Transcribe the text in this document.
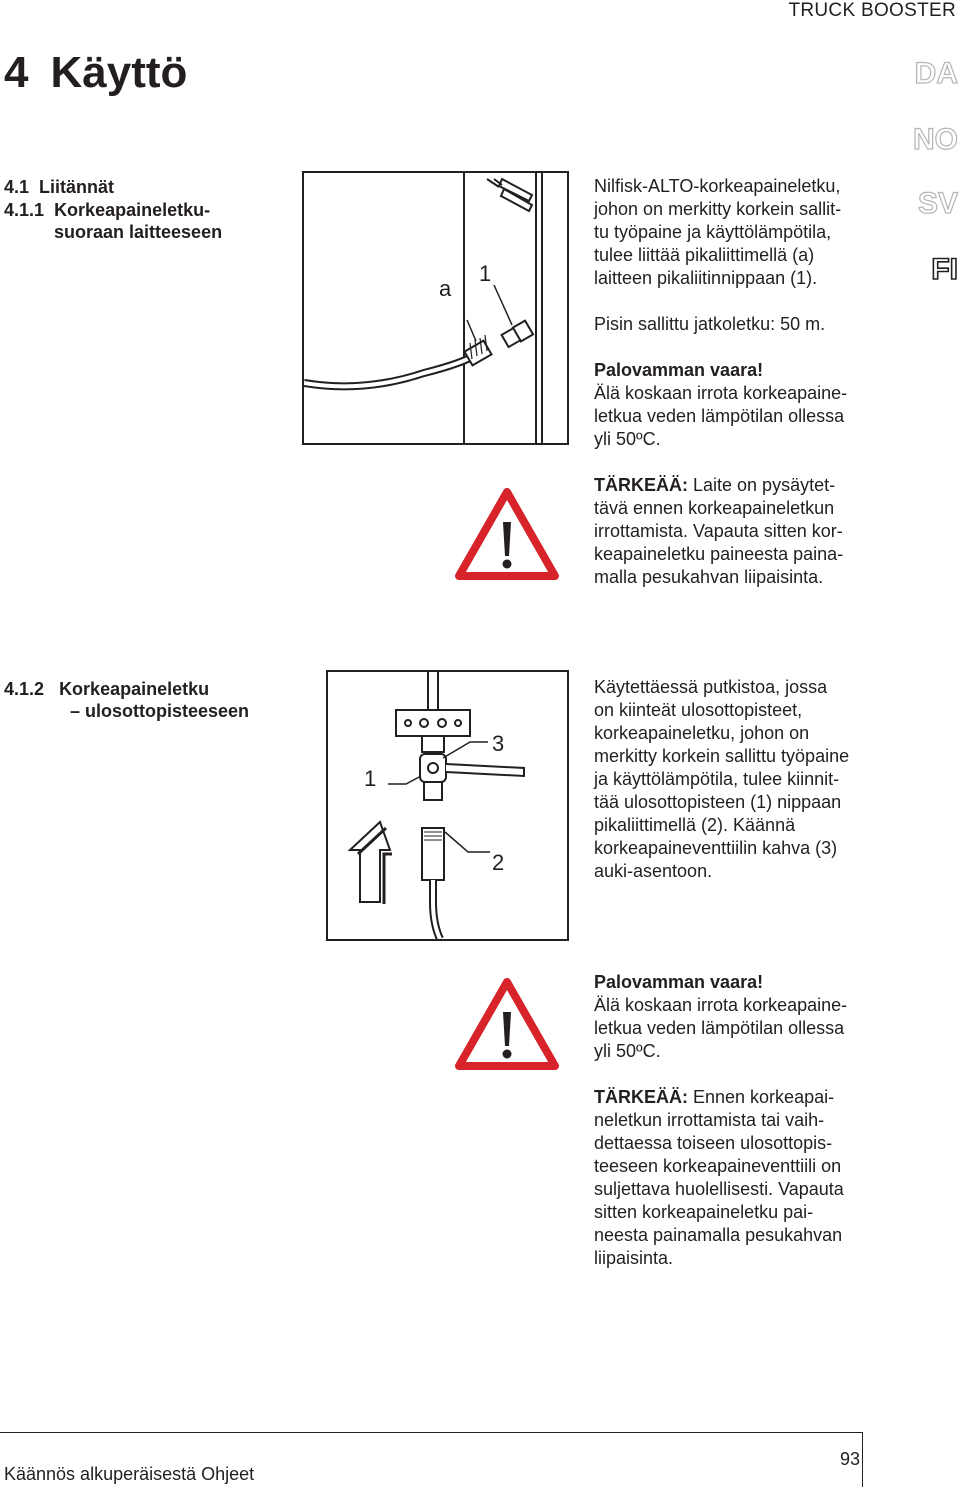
TRUCK BOOSTER
4 Käyttö	DA
NO
SV
FI
4.1 Liitännät
4.1.1 Korkeapaineletku-
suoraan laitteeseen
a
1
Nilfisk-ALTO-korkeapaineletku,
johon on merkitty korkein sallit-
tu työpaine ja käyttölämpötila,
tulee liittää pikaliittimellä (a)
laitteen pikaliitinnippaan (1).
Pisin sallittu jatkoletku: 50 m.
Palovamman vaara!
Älä koskaan irrota korkeapaine-
letkua veden lämpötilan ollessa
yli 50ºC.
TÄRKEÄÄ: Laite on pysäytet-
tävä ennen korkeapaineletkun
irrottamista. Vapauta sitten kor-
keapaineletku paineesta paina-
malla pesukahvan liipaisinta.
4.1.2 Korkeapaineletku
– ulosottopisteeseen
3
1
2
Käytettäessä putkistoa, jossa
on kiinteät ulosottopisteet,
korkeapaineletku, johon on
merkitty korkein sallittu työpaine
ja käyttölämpötila, tulee kiinnit-
tää ulosottopisteen (1) nippaan
pikaliittimellä (2). Käännä
korkeapaineventtiilin kahva (3)
auki-asentoon.
Palovamman vaara!
Älä koskaan irrota korkeapaine-
letkua veden lämpötilan ollessa
yli 50ºC.
TÄRKEÄÄ: Ennen korkeapai-
neletkun irrottamista tai vaih-
dettaessa toiseen ulosottopis-
teeseen korkeapaineventtiili on
suljettava huolellisesti. Vapauta
sitten korkeapaineletku pai-
neesta painamalla pesukahvan
liipaisinta.
Käännös alkuperäisestä Ohjeet
93
